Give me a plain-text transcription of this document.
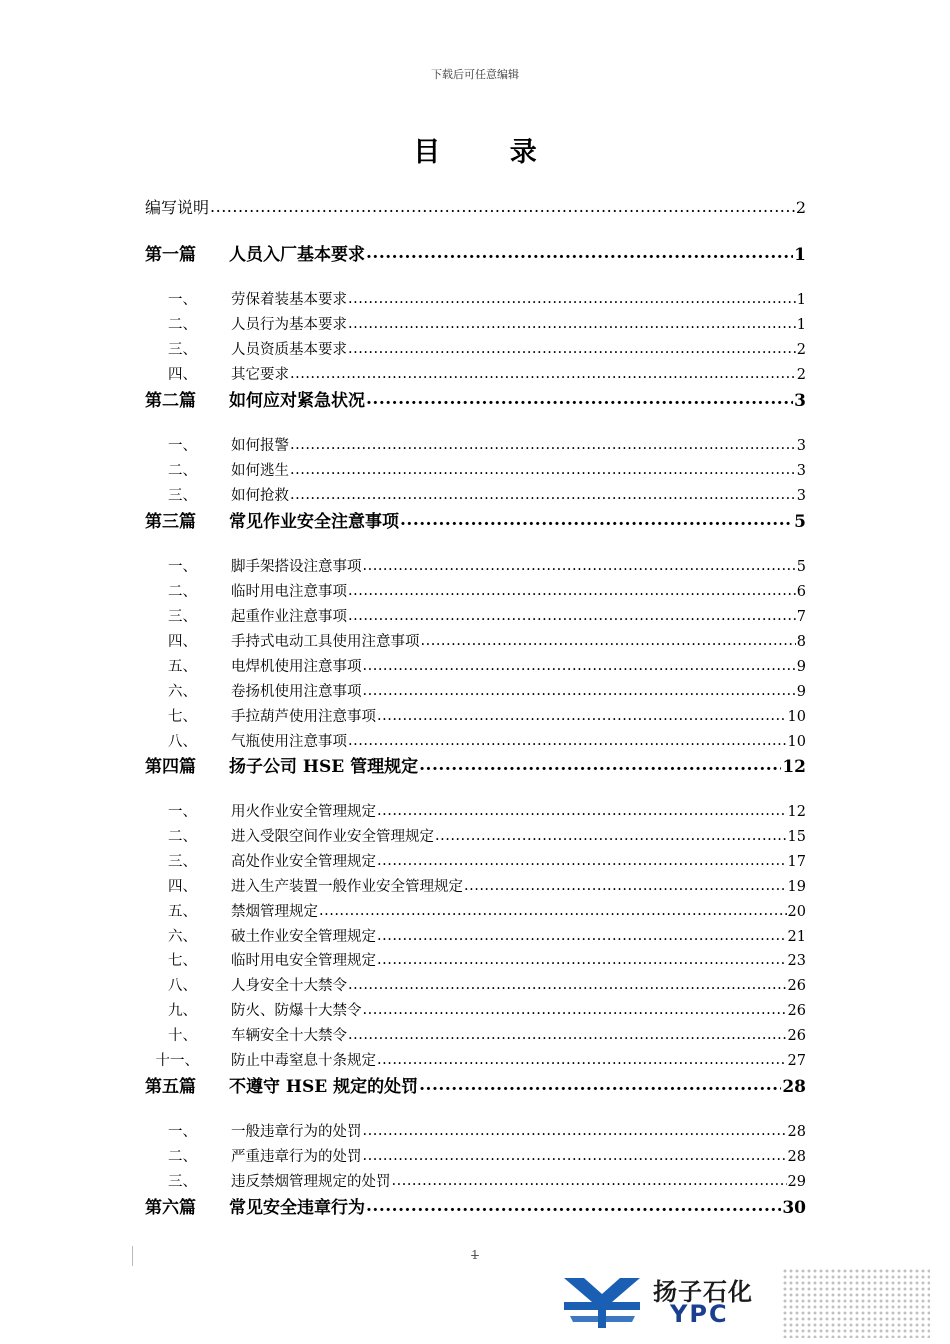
下载后可任意编辑
目 录
编写说明 .....	2
第一篇 人员入厂基本要求 .....	1
一、 劳保着装基本要求 .....	1
二、 人员行为基本要求 .....	1
三、 人员资质基本要求 .....	2
四、 其它要求 .....	2
第二篇 如何应对紧急状况 .....	3
一、 如何报警 .....	3
二、 如何逃生 .....	3
三、 如何抢救 .....	3
第三篇 常见作业安全注意事项 .....	5
一、 脚手架搭设注意事项 .....	5
二、 临时用电注意事项 .....	6
三、 起重作业注意事项 .....	7
四、 手持式电动工具使用注意事项 .....	8
五、 电焊机使用注意事项 .....	9
六、 卷扬机使用注意事项 .....	9
七、 手拉葫芦使用注意事项 .....	10
八、 气瓶使用注意事项 .....	10
第四篇 扬子公司 HSE 管理规定 .....	12
一、 用火作业安全管理规定 .....	12
二、 进入受限空间作业安全管理规定 .....	15
三、 高处作业安全管理规定 .....	17
四、 进入生产装置一般作业安全管理规定 .....	19
五、 禁烟管理规定 .....	20
六、 破土作业安全管理规定 .....	21
七、 临时用电安全管理规定 .....	23
八、 人身安全十大禁令 .....	26
九、 防火、防爆十大禁令 .....	26
十、 车辆安全十大禁令 .....	26
十一、 防止中毒窒息十条规定 .....	27
第五篇 不遵守 HSE 规定的处罚 .....	28
一、 一般违章行为的处罚 .....	28
二、 严重违章行为的处罚 .....	28
三、 违反禁烟管理规定的处罚 .....	29
第六篇 常见安全违章行为 .....	30
1
扬子石化
YPC
